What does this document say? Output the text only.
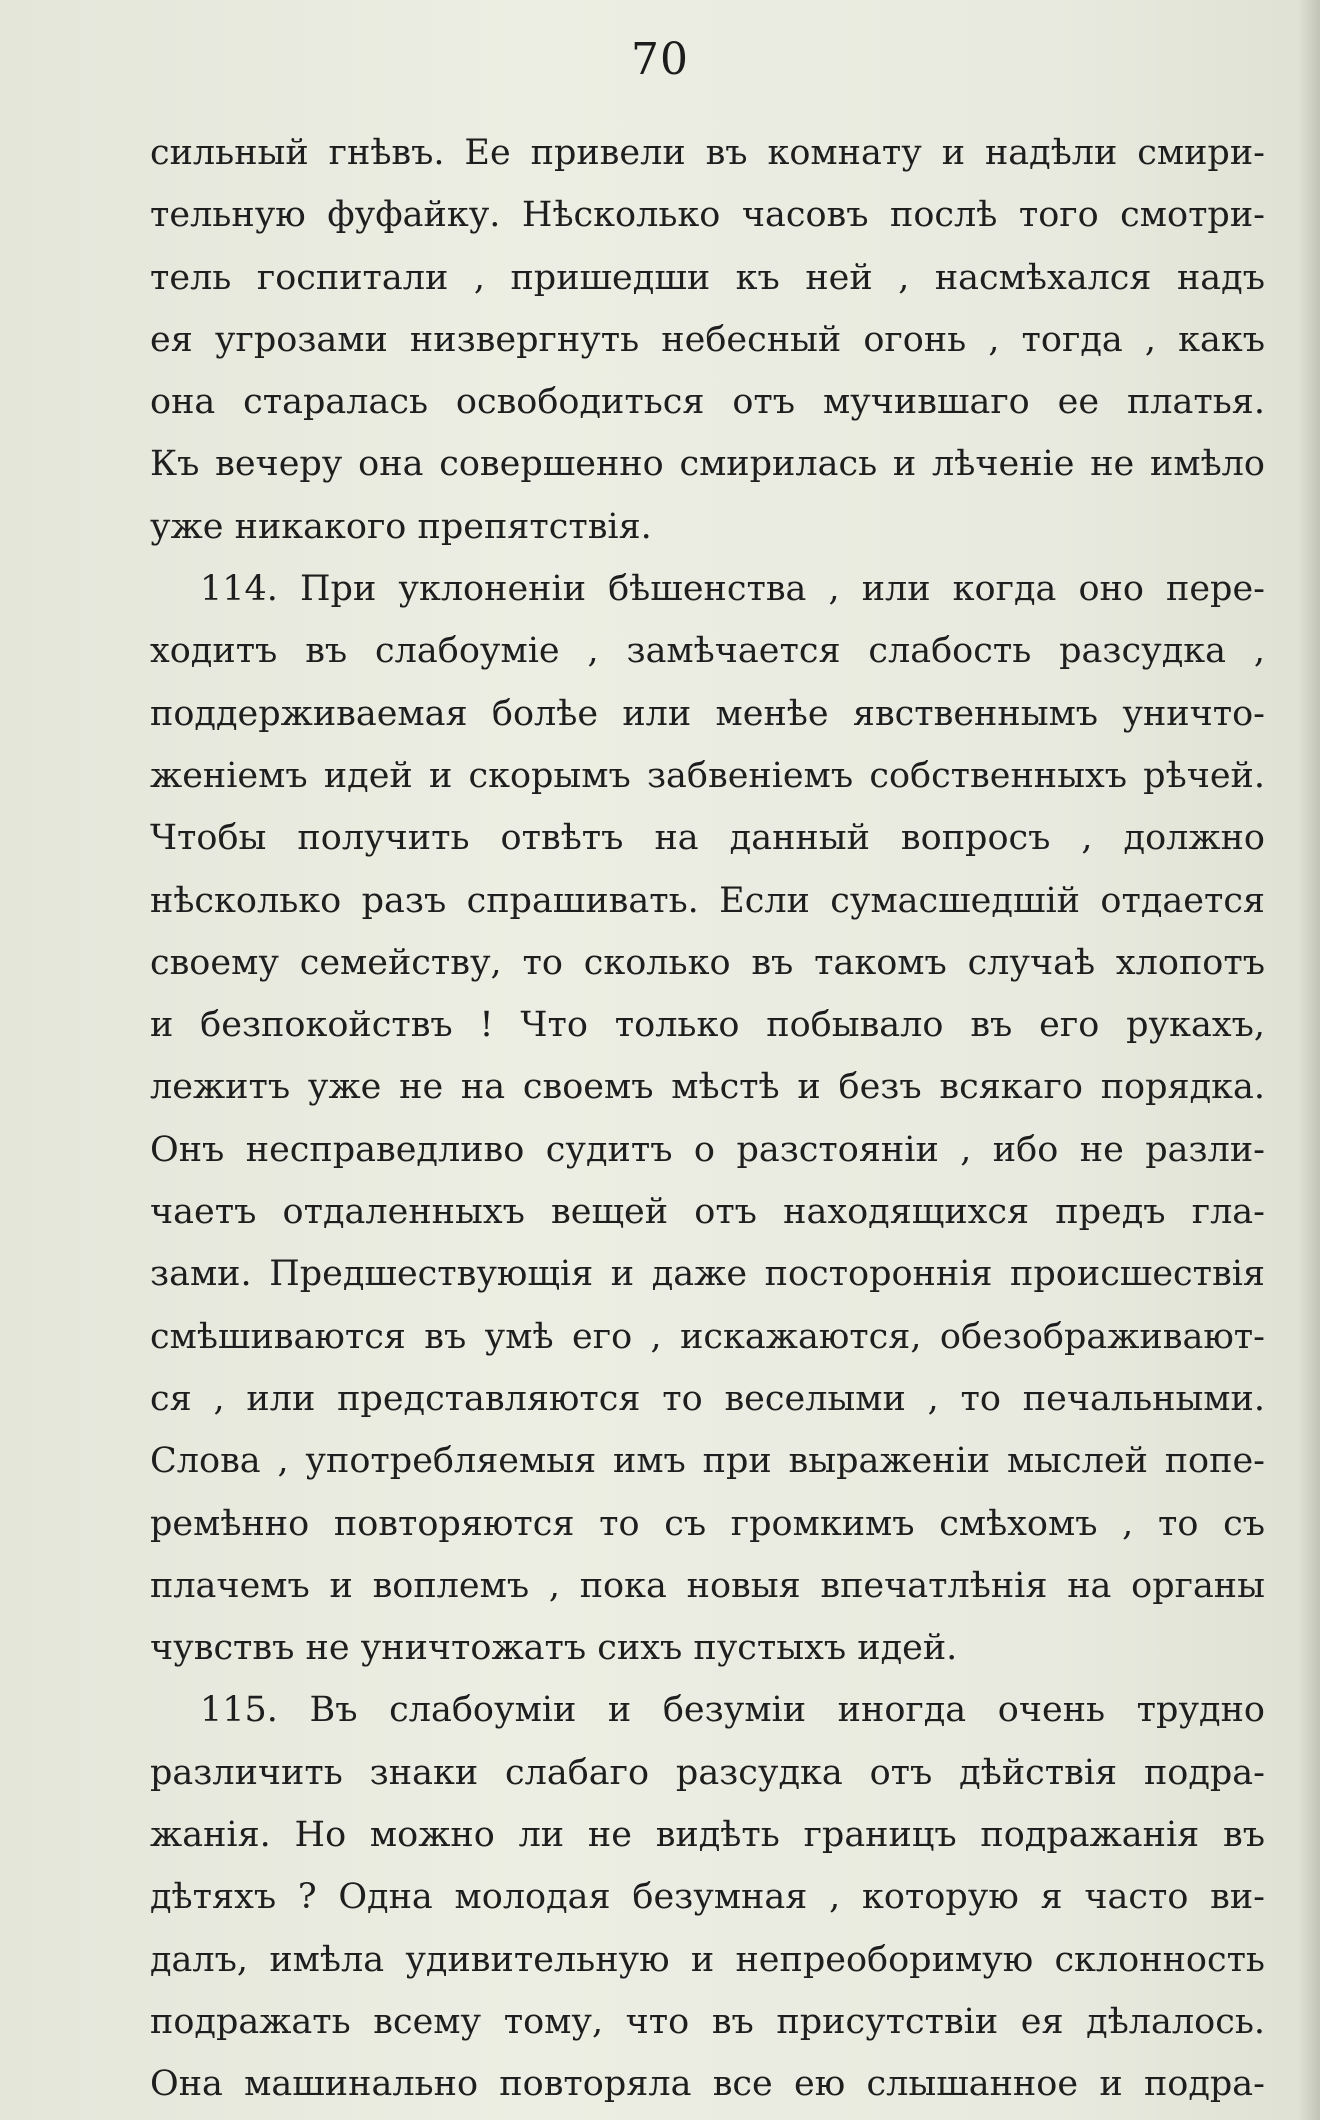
70
сильный гнѣвъ. Ее привели въ комнату и надѣли смири-
тельную фуфайку. Нѣсколько часовъ послѣ того смотри-
тель госпитали , пришедши къ ней , насмѣхался надъ
ея угрозами низвергнуть небесный огонь , тогда , какъ
она старалась освободиться отъ мучившаго ее платья.
Къ вечеру она совершенно смирилась и лѣченіе не имѣло
уже никакого препятствія.
114. При уклоненіи бѣшенства , или когда оно пере-
ходитъ въ слабоуміе , замѣчается слабость разсудка ,
поддерживаемая болѣе или менѣе явственнымъ уничто-
женіемъ идей и скорымъ забвеніемъ собственныхъ рѣчей.
Чтобы получить отвѣтъ на данный вопросъ , должно
нѣсколько разъ спрашивать. Если сумасшедшій отдается
своему семейству, то сколько въ такомъ случаѣ хлопотъ
и безпокойствъ ! Что только побывало въ его рукахъ,
лежитъ уже не на своемъ мѣстѣ и безъ всякаго порядка.
Онъ несправедливо судитъ о разстояніи , ибо не разли-
чаетъ отдаленныхъ вещей отъ находящихся предъ гла-
зами. Предшествующія и даже постороннія происшествія
смѣшиваются въ умѣ его , искажаются, обезображивают-
ся , или представляются то веселыми , то печальными.
Слова , употребляемыя имъ при выраженіи мыслей попе-
ремѣнно повторяются то съ громкимъ смѣхомъ , то съ
плачемъ и воплемъ , пока новыя впечатлѣнія на органы
чувствъ не уничтожатъ сихъ пустыхъ идей.
115. Въ слабоуміи и безуміи иногда очень трудно
различить знаки слабаго разсудка отъ дѣйствія подра-
жанія. Но можно ли не видѣть границъ подражанія въ
дѣтяхъ ? Одна молодая безумная , которую я часто ви-
далъ, имѣла удивительную и непреоборимую склонность
подражать всему тому, что въ присутствіи ея дѣлалось.
Она машинально повторяла все ею слышанное и подра-
